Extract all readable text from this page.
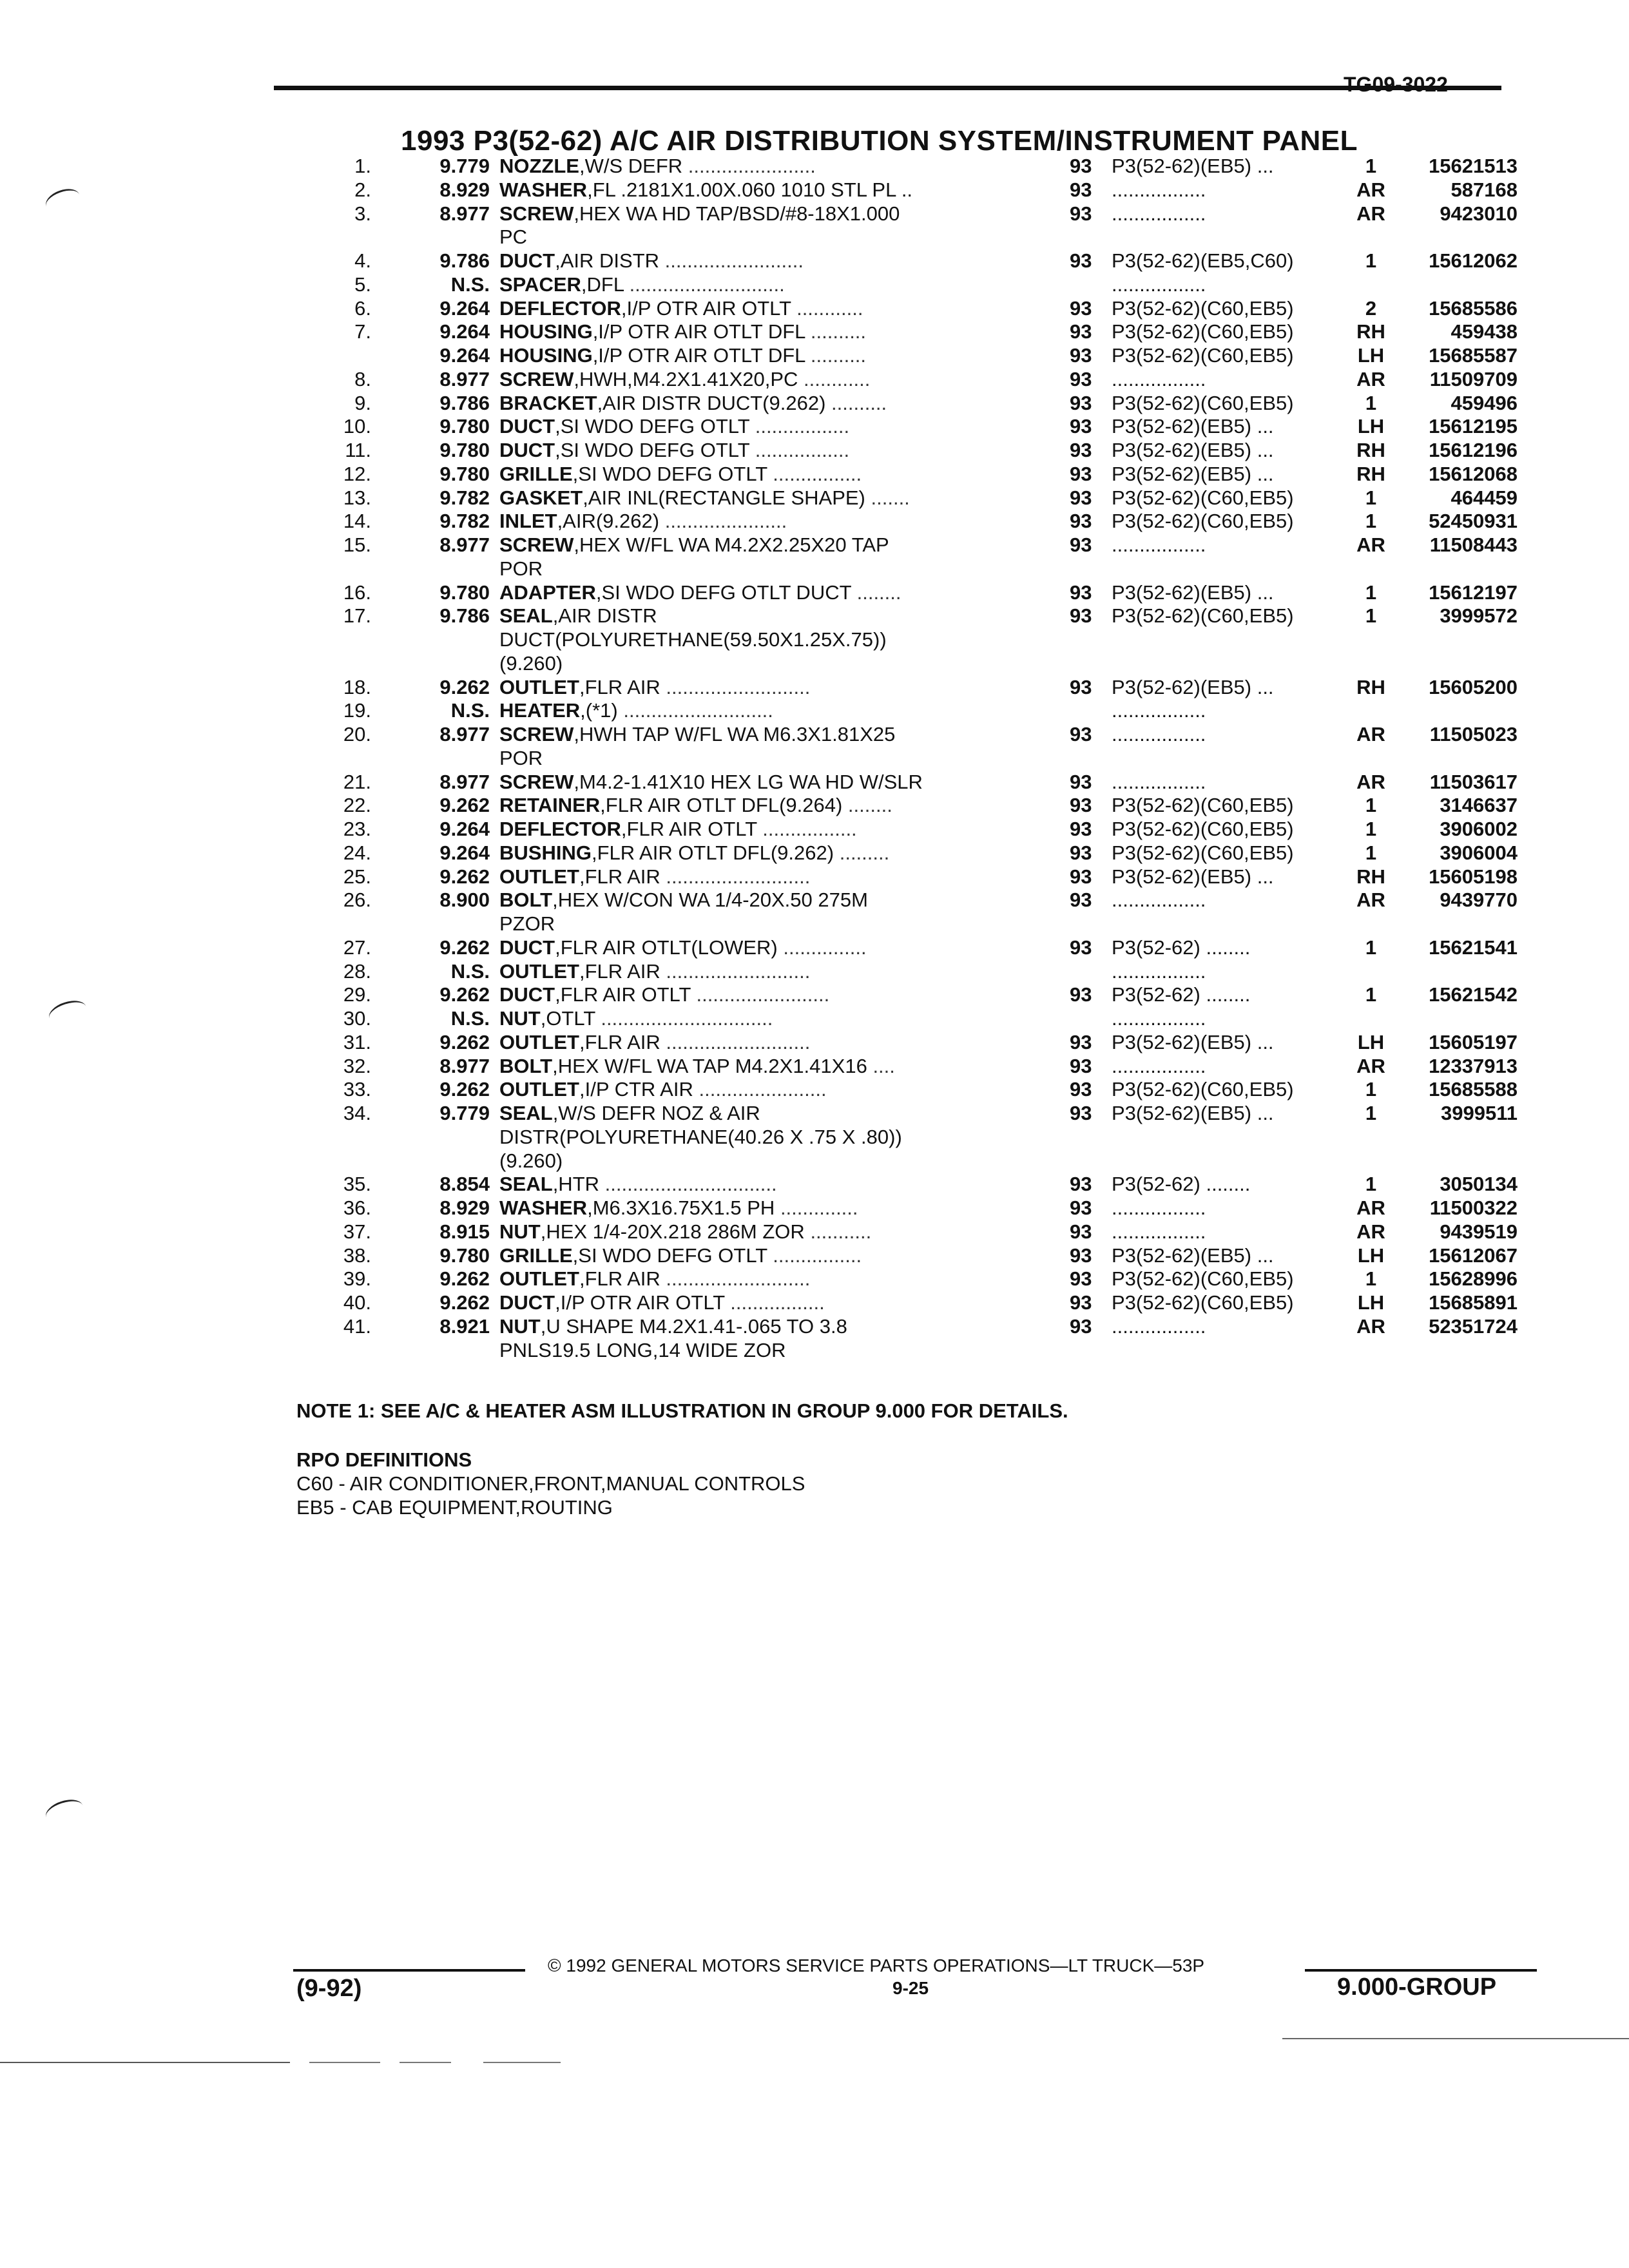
TG09-3022
1993 P3(52-62) A/C AIR DISTRIBUTION SYSTEM/INSTRUMENT PANEL
1.	9.779 NOZZLE,W/S DEFR .......................	93 P3(52-62)(EB5) ...	1	15621513
2.	8.929 WASHER,FL .2181X1.00X.060 1010 STL PL ..	93 .................	AR	587168
3.	8.977 SCREW,HEX WA HD TAP/BSD/#8-18X1.000	93 .................	AR	9423010
PC
4.	9.786 DUCT,AIR DISTR .........................	93 P3(52-62)(EB5,C60)	1	15612062
5.	N.S. SPACER,DFL ............................	.................
6.	9.264 DEFLECTOR,I/P OTR AIR OTLT ............	93 P3(52-62)(C60,EB5)	2	15685586
7.	9.264 HOUSING,I/P OTR AIR OTLT DFL ..........	93 P3(52-62)(C60,EB5)	RH	459438
9.264 HOUSING,I/P OTR AIR OTLT DFL ..........	93 P3(52-62)(C60,EB5)	LH	15685587
8.	8.977 SCREW,HWH,M4.2X1.41X20,PC ............	93 .................	AR	11509709
9.	9.786 BRACKET,AIR DISTR DUCT(9.262) ..........	93 P3(52-62)(C60,EB5)	1	459496
10.	9.780 DUCT,SI WDO DEFG OTLT .................	93 P3(52-62)(EB5) ...	LH	15612195
11.	9.780 DUCT,SI WDO DEFG OTLT .................	93 P3(52-62)(EB5) ...	RH	15612196
12.	9.780 GRILLE,SI WDO DEFG OTLT ................	93 P3(52-62)(EB5) ...	RH	15612068
13.	9.782 GASKET,AIR INL(RECTANGLE SHAPE) .......	93 P3(52-62)(C60,EB5)	1	464459
14.	9.782 INLET,AIR(9.262) ......................	93 P3(52-62)(C60,EB5)	1	52450931
15.	8.977 SCREW,HEX W/FL WA M4.2X2.25X20 TAP	93 .................	AR	11508443
POR
16.	9.780 ADAPTER,SI WDO DEFG OTLT DUCT ........	93 P3(52-62)(EB5) ...	1	15612197
17.	9.786 SEAL,AIR DISTR	93 P3(52-62)(C60,EB5)	1	3999572
DUCT(POLYURETHANE(59.50X1.25X.75))
(9.260)
18.	9.262 OUTLET,FLR AIR ..........................	93 P3(52-62)(EB5) ...	RH	15605200
19.	N.S. HEATER,(*1) ...........................	.................
20.	8.977 SCREW,HWH TAP W/FL WA M6.3X1.81X25	93 .................	AR	11505023
POR
21.	8.977 SCREW,M4.2-1.41X10 HEX LG WA HD W/SLR	93 .................	AR	11503617
22.	9.262 RETAINER,FLR AIR OTLT DFL(9.264) ........	93 P3(52-62)(C60,EB5)	1	3146637
23.	9.264 DEFLECTOR,FLR AIR OTLT .................	93 P3(52-62)(C60,EB5)	1	3906002
24.	9.264 BUSHING,FLR AIR OTLT DFL(9.262) .........	93 P3(52-62)(C60,EB5)	1	3906004
25.	9.262 OUTLET,FLR AIR ..........................	93 P3(52-62)(EB5) ...	RH	15605198
26.	8.900 BOLT,HEX W/CON WA 1/4-20X.50 275M	93 .................	AR	9439770
PZOR
27.	9.262 DUCT,FLR AIR OTLT(LOWER) ...............	93 P3(52-62) ........	1	15621541
28.	N.S. OUTLET,FLR AIR ..........................	.................
29.	9.262 DUCT,FLR AIR OTLT ........................	93 P3(52-62) ........	1	15621542
30.	N.S. NUT,OTLT ...............................	.................
31.	9.262 OUTLET,FLR AIR ..........................	93 P3(52-62)(EB5) ...	LH	15605197
32.	8.977 BOLT,HEX W/FL WA TAP M4.2X1.41X16 ....	93 .................	AR	12337913
33.	9.262 OUTLET,I/P CTR AIR .......................	93 P3(52-62)(C60,EB5)	1	15685588
34.	9.779 SEAL,W/S DEFR NOZ & AIR	93 P3(52-62)(EB5) ...	1	3999511
DISTR(POLYURETHANE(40.26 X .75 X .80))
(9.260)
35.	8.854 SEAL,HTR ...............................	93 P3(52-62) ........	1	3050134
36.	8.929 WASHER,M6.3X16.75X1.5 PH ..............	93 .................	AR	11500322
37.	8.915 NUT,HEX 1/4-20X.218 286M ZOR ...........	93 .................	AR	9439519
38.	9.780 GRILLE,SI WDO DEFG OTLT ................	93 P3(52-62)(EB5) ...	LH	15612067
39.	9.262 OUTLET,FLR AIR ..........................	93 P3(52-62)(C60,EB5)	1	15628996
40.	9.262 DUCT,I/P OTR AIR OTLT .................	93 P3(52-62)(C60,EB5)	LH	15685891
41.	8.921 NUT,U SHAPE M4.2X1.41-.065 TO 3.8	93 .................	AR	52351724
PNLS19.5 LONG,14 WIDE ZOR
NOTE 1: SEE A/C & HEATER ASM ILLUSTRATION IN GROUP 9.000 FOR DETAILS.
RPO DEFINITIONS
C60 - AIR CONDITIONER,FRONT,MANUAL CONTROLS
EB5 - CAB EQUIPMENT,ROUTING
© 1992 GENERAL MOTORS SERVICE PARTS OPERATIONS—LT TRUCK—53P
(9-92)	9-25	9.000-GROUP
